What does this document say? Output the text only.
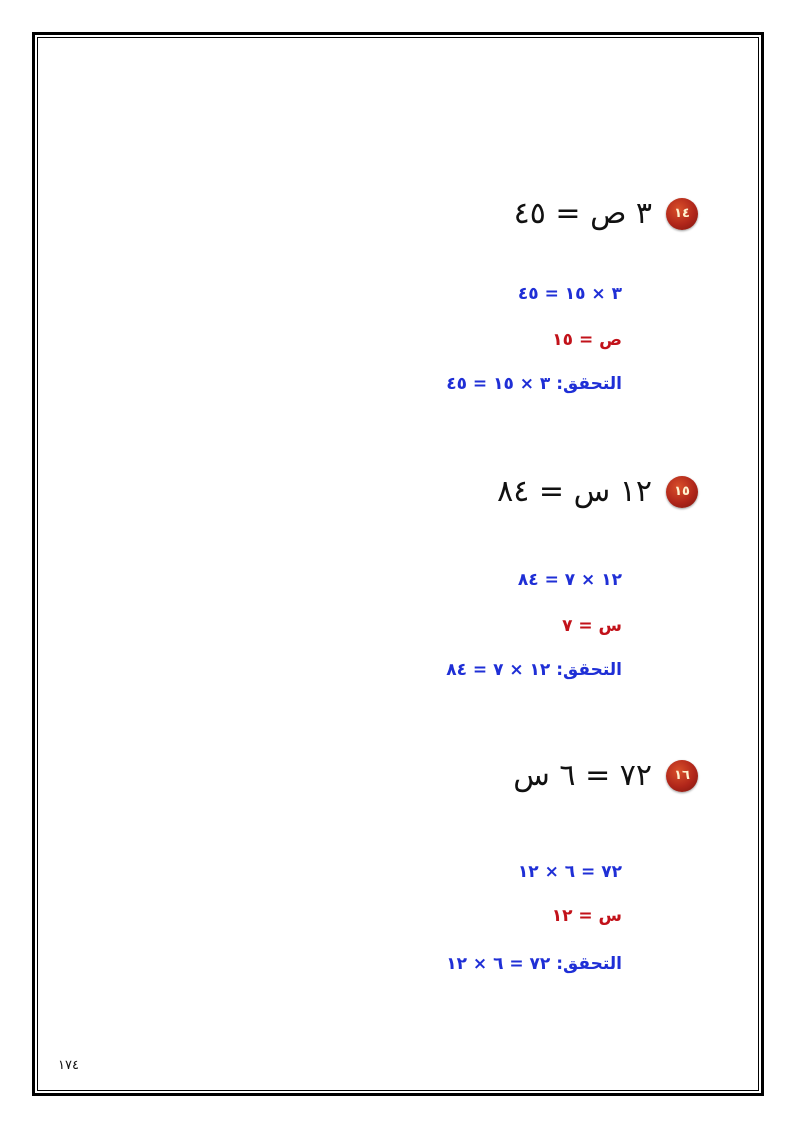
١٤
٣ ص = ٤٥
٣ × ١٥ = ٤٥
ص = ١٥
التحقق: ٣ × ١٥ = ٤٥
١٥
١٢ س = ٨٤
١٢ × ٧ = ٨٤
س = ٧
التحقق: ١٢ × ٧ = ٨٤
١٦
٧٢ = ٦ س
٧٢ = ٦ × ١٢
س = ١٢
التحقق: ٧٢ = ٦ × ١٢
١٧٤
